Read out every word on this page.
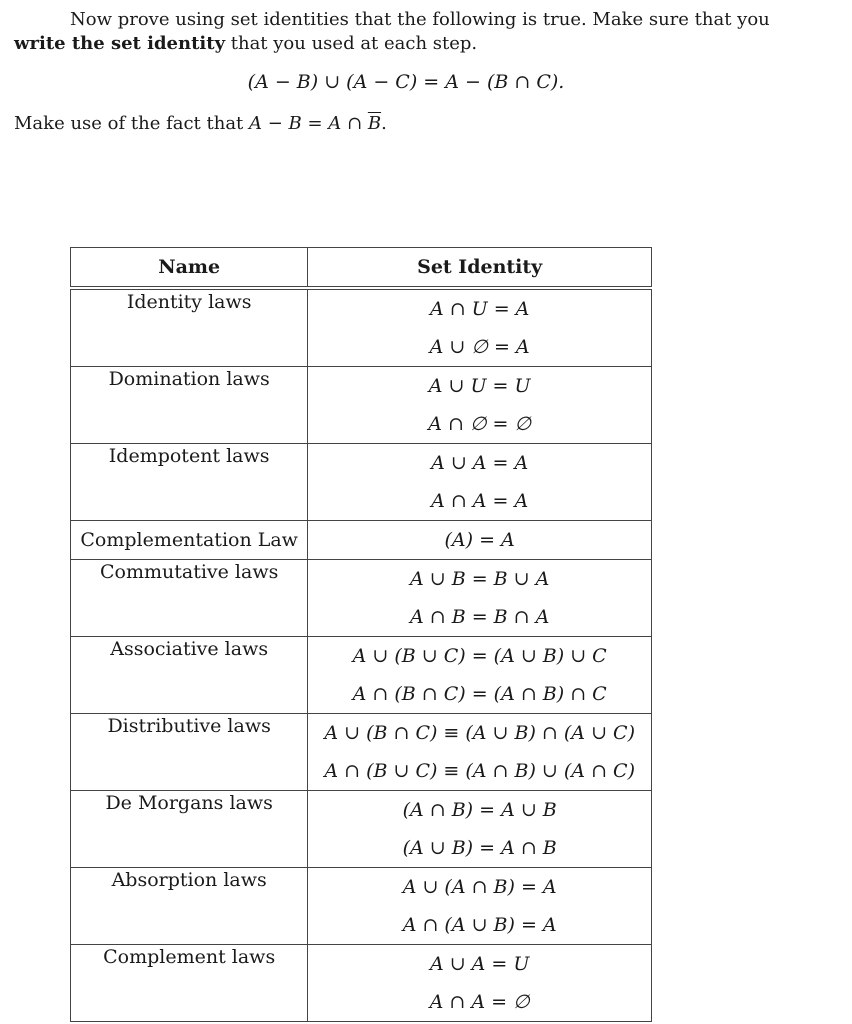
Now prove using set identities that the following is true. Make sure that you write the set identity that you used at each step.
(A − B) ∪ (A − C) = A − (B ∩ C).
Make use of the fact that A − B = A ∩ $\overline{B}$.
Name	Set Identity
Identity laws	A ∩ U = A
A ∪ ∅ = A

Domination laws	A ∪ U = U
A ∩ ∅ = ∅

Idempotent laws	A ∪ A = A
A ∩ A = A

Complementation Law	(A) = A

Commutative laws	A ∪ B = B ∪ A
A ∩ B = B ∩ A

Associative laws	A ∪ (B ∪ C) = (A ∪ B) ∪ C
A ∩ (B ∩ C) = (A ∩ B) ∩ C

Distributive laws	A ∪ (B ∩ C) ≡ (A ∪ B) ∩ (A ∪ C)
A ∩ (B ∪ C) ≡ (A ∩ B) ∪ (A ∩ C)

De Morgans laws	(A ∩ B) = A ∪ B
(A ∪ B) = A ∩ B

Absorption laws	A ∪ (A ∩ B) = A
A ∩ (A ∪ B) = A

Complement laws	A ∪ A = U
A ∩ A = ∅
